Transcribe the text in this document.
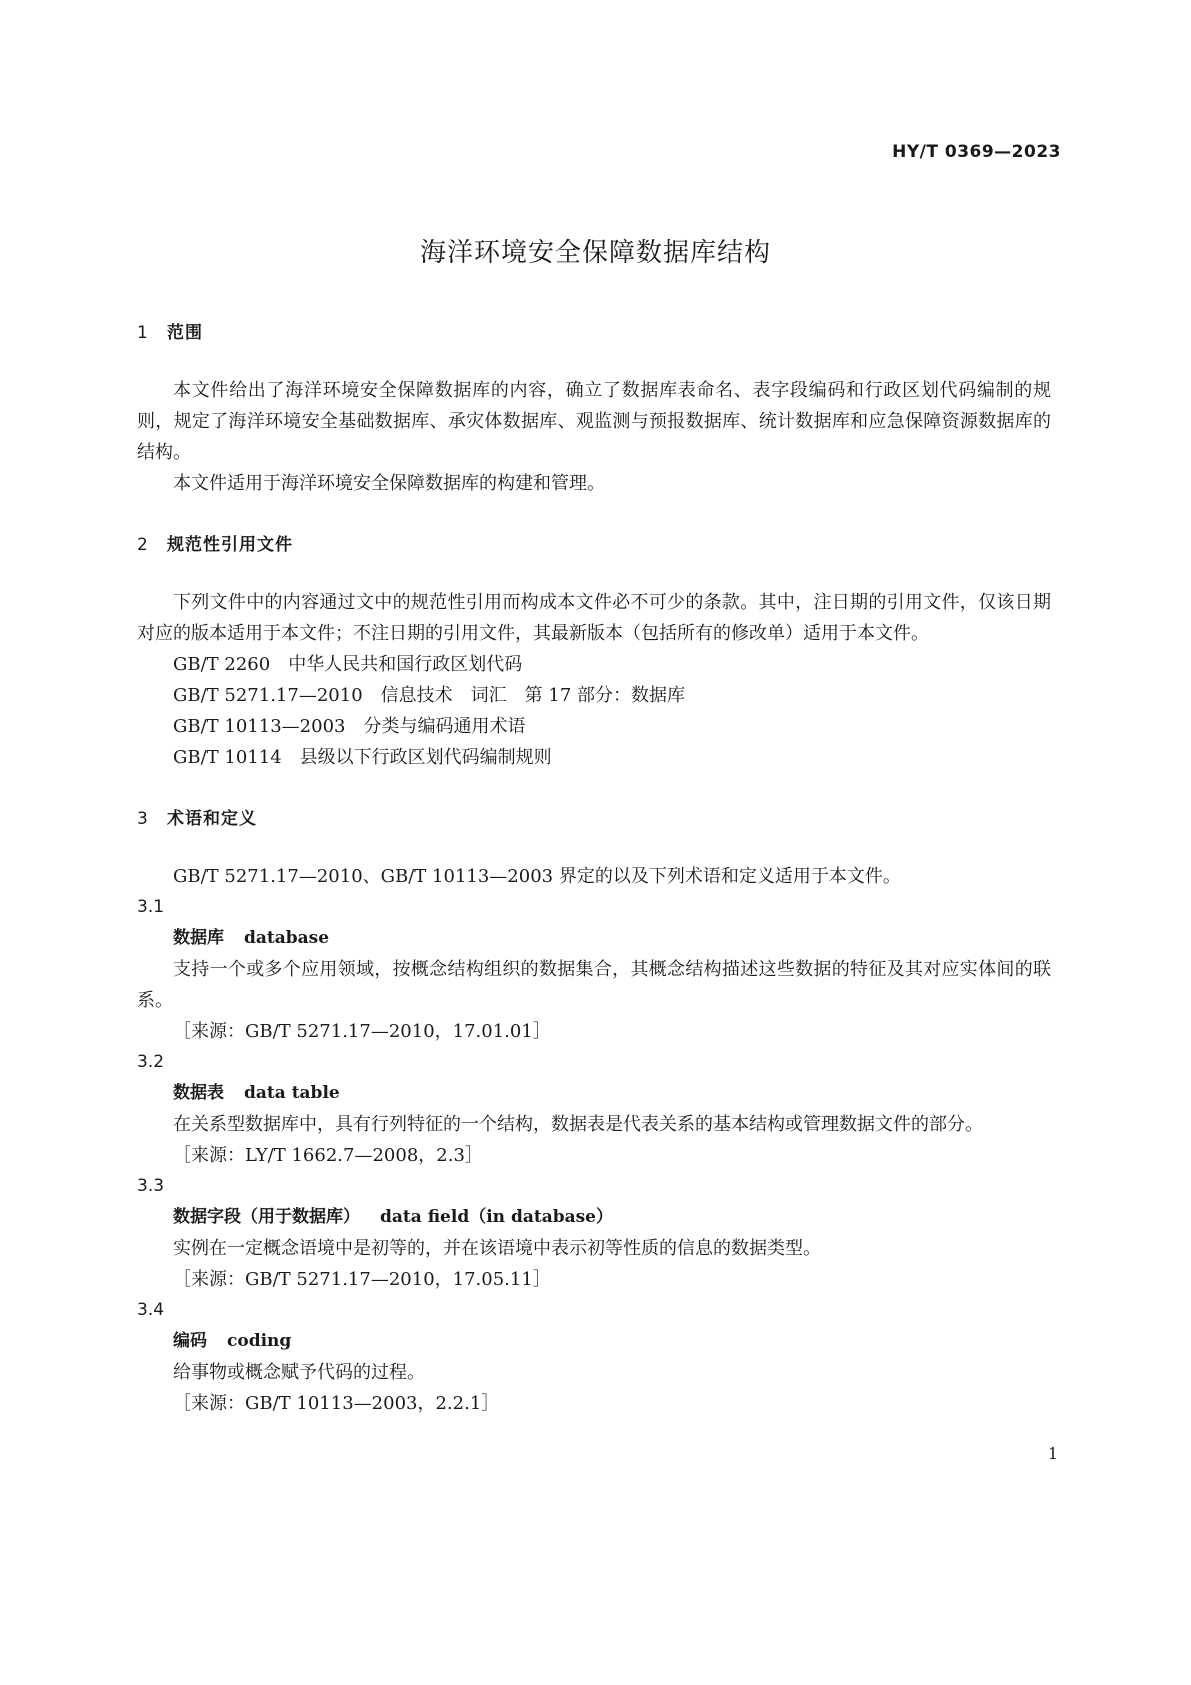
HY/T 0369—2023
海洋环境安全保障数据库结构
1 范围
本文件给出了海洋环境安全保障数据库的内容，确立了数据库表命名、表字段编码和行政区划代码编制的规则，规定了海洋环境安全基础数据库、承灾体数据库、观监测与预报数据库、统计数据库和应急保障资源数据库的结构。
本文件适用于海洋环境安全保障数据库的构建和管理。
2 规范性引用文件
下列文件中的内容通过文中的规范性引用而构成本文件必不可少的条款。其中，注日期的引用文件，仅该日期对应的版本适用于本文件；不注日期的引用文件，其最新版本（包括所有的修改单）适用于本文件。
GB/T 2260　中华人民共和国行政区划代码
GB/T 5271.17—2010　信息技术　词汇　第 17 部分：数据库
GB/T 10113—2003　分类与编码通用术语
GB/T 10114　县级以下行政区划代码编制规则
3 术语和定义
GB/T 5271.17—2010、GB/T 10113—2003 界定的以及下列术语和定义适用于本文件。
3.1
数据库 database
支持一个或多个应用领域，按概念结构组织的数据集合，其概念结构描述这些数据的特征及其对应实体间的联系。
［来源：GB/T 5271.17—2010，17.01.01］
3.2
数据表 data table
在关系型数据库中，具有行列特征的一个结构，数据表是代表关系的基本结构或管理数据文件的部分。
［来源：LY/T 1662.7—2008，2.3］
3.3
数据字段（用于数据库） data field（in database）
实例在一定概念语境中是初等的，并在该语境中表示初等性质的信息的数据类型。
［来源：GB/T 5271.17—2010，17.05.11］
3.4
编码 coding
给事物或概念赋予代码的过程。
［来源：GB/T 10113—2003，2.2.1］
1
